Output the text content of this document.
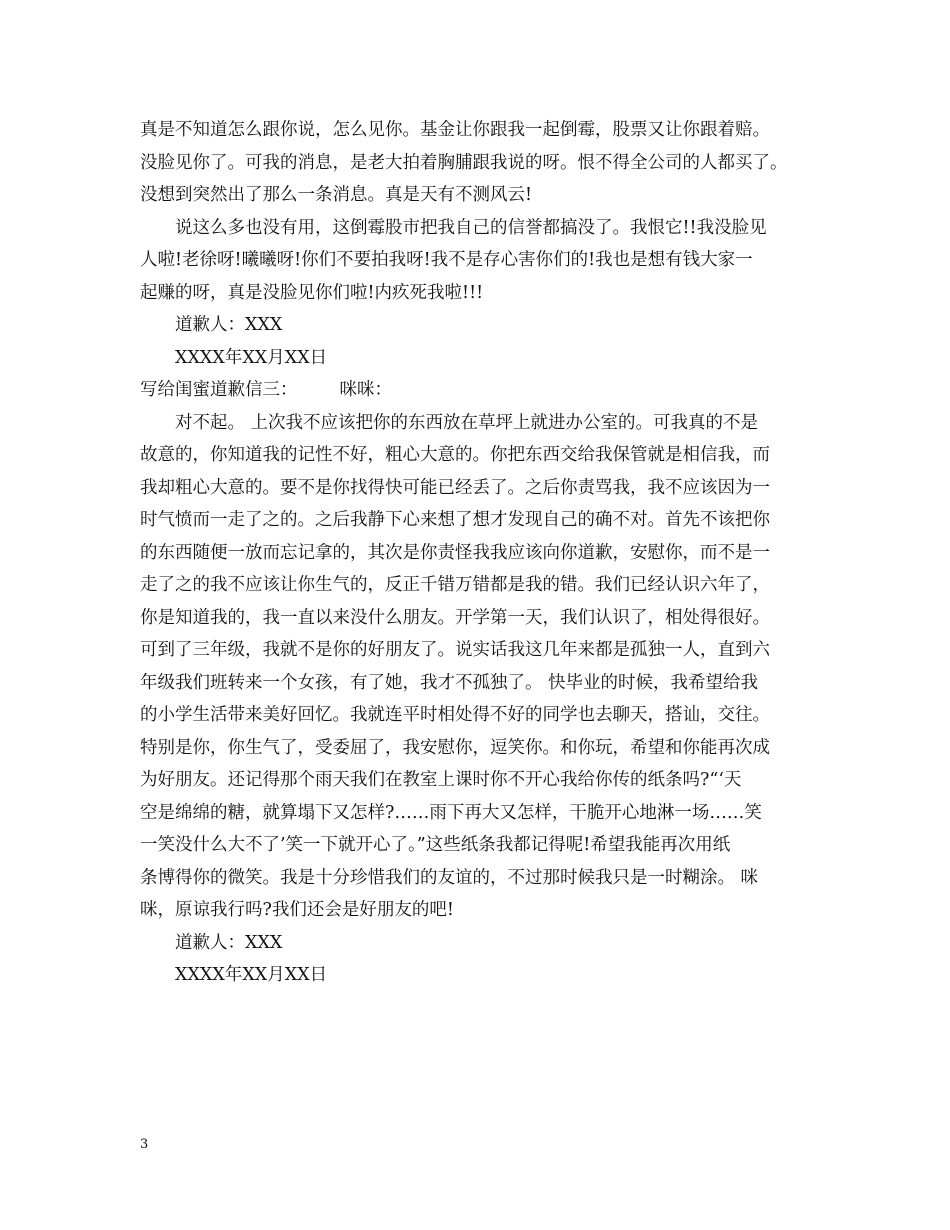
真是不知道怎么跟你说，怎么见你。基金让你跟我一起倒霉，股票又让你跟着赔。
没脸见你了。可我的消息，是老大拍着胸脯跟我说的呀。恨不得全公司的人都买了。
没想到突然出了那么一条消息。真是天有不测风云!
说这么多也没有用，这倒霉股市把我自己的信誉都搞没了。我恨它!!我没脸见
人啦!老徐呀!曦曦呀!你们不要拍我呀!我不是存心害你们的!我也是想有钱大家一
起赚的呀，真是没脸见你们啦!内疚死我啦!!!
道歉人：XXX
XXXX年XX月XX日
写给闺蜜道歉信三： 咪咪：
对不起。 上次我不应该把你的东西放在草坪上就进办公室的。可我真的不是
故意的，你知道我的记性不好，粗心大意的。你把东西交给我保管就是相信我，而
我却粗心大意的。要不是你找得快可能已经丢了。之后你责骂我，我不应该因为一
时气愤而一走了之的。之后我静下心来想了想才发现自己的确不对。首先不该把你
的东西随便一放而忘记拿的，其次是你责怪我我应该向你道歉，安慰你，而不是一
走了之的我不应该让你生气的，反正千错万错都是我的错。我们已经认识六年了，
你是知道我的，我一直以来没什么朋友。开学第一天，我们认识了，相处得很好。
可到了三年级，我就不是你的好朋友了。说实话我这几年来都是孤独一人，直到六
年级我们班转来一个女孩，有了她，我才不孤独了。 快毕业的时候，我希望给我
的小学生活带来美好回忆。我就连平时相处得不好的同学也去聊天，搭讪，交往。
特别是你，你生气了，受委屈了，我安慰你，逗笑你。和你玩，希望和你能再次成
为好朋友。还记得那个雨天我们在教室上课时你不开心我给你传的纸条吗?“‘天
空是绵绵的糖，就算塌下又怎样?……雨下再大又怎样，干脆开心地淋一场……笑
一笑没什么大不了’笑一下就开心了。”这些纸条我都记得呢!希望我能再次用纸
条博得你的微笑。我是十分珍惜我们的友谊的，不过那时候我只是一时糊涂。 咪
咪，原谅我行吗?我们还会是好朋友的吧!
道歉人：XXX
XXXX年XX月XX日
3
